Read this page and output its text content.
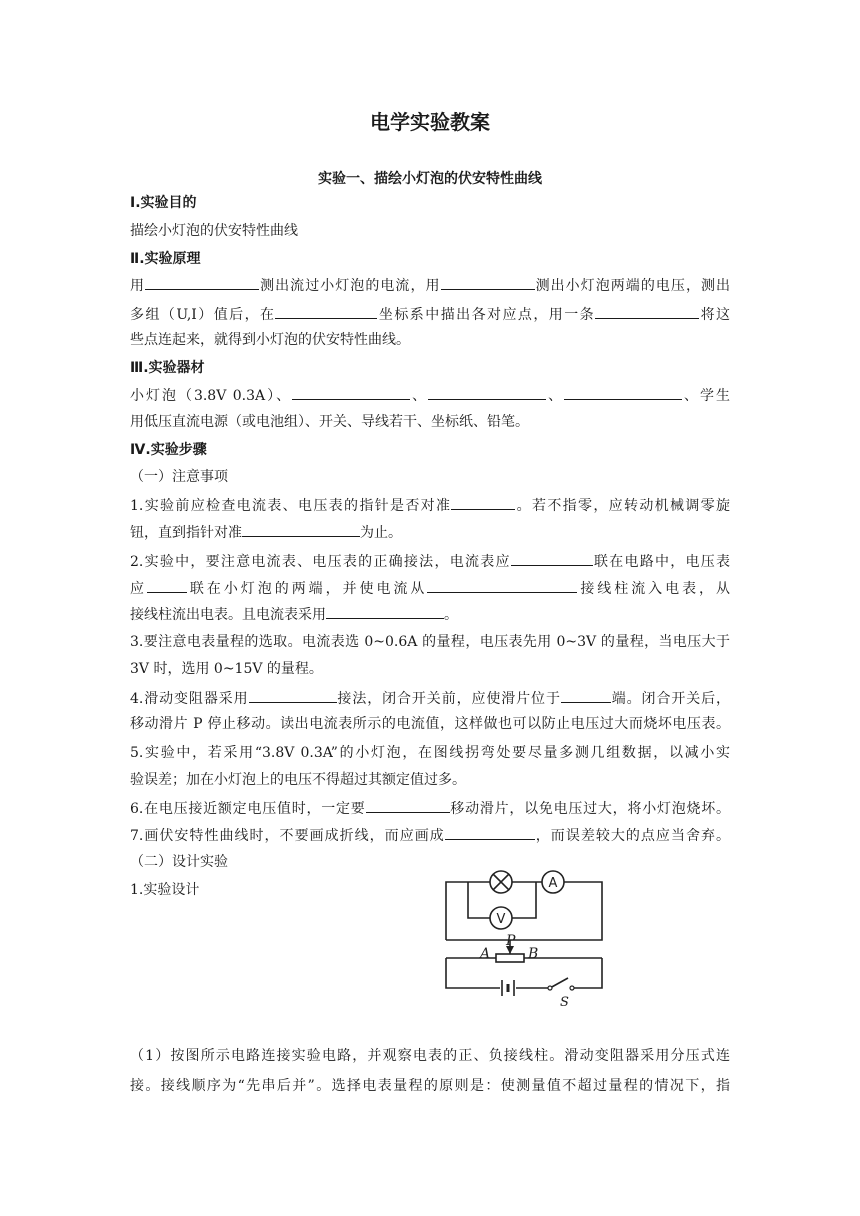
电学实验教案
实验一、描绘小灯泡的伏安特性曲线
Ⅰ.实验目的
描绘小灯泡的伏安特性曲线
Ⅱ.实验原理
用	测出流过小灯泡的电流，用	测出小灯泡两端的电压，测出
多组（U,I）值后，在	坐标系中描出各对应点，用一条	将这
些点连起来，就得到小灯泡的伏安特性曲线。
Ⅲ.实验器材
小灯泡（3.8V 0.3A）、	、	、	、学生
用低压直流电源（或电池组）、开关、导线若干、坐标纸、铅笔。
Ⅳ.实验步骤
（一）注意事项
1.实验前应检查电流表、电压表的指针是否对准	。若不指零，应转动机械调零旋
钮，直到指针对准	为止。
2.实验中，要注意电流表、电压表的正确接法，电流表应	联在电路中，电压表
应	联在小灯泡的两端，并使电流从	接线柱流入电表，从
接线柱流出电表。且电流表采用	。
3.要注意电表量程的选取。电流表选 0~0.6A 的量程，电压表先用 0~3V 的量程，当电压大于
3V 时，选用 0~15V 的量程。
4.滑动变阻器采用	接法，闭合开关前，应使滑片位于	端。闭合开关后，
移动滑片 P 停止移动。读出电流表所示的电流值，这样做也可以防止电压过大而烧坏电压表。
5.实验中，若采用“3.8V 0.3A”的小灯泡，在图线拐弯处要尽量多测几组数据，以减小实
验误差；加在小灯泡上的电压不得超过其额定值过多。
6.在电压接近额定电压值时，一定要	移动滑片，以免电压过大，将小灯泡烧坏。
7.画伏安特性曲线时，不要画成折线，而应画成	，而误差较大的点应当舍弃。
（二）设计实验
1.实验设计	A
V
A
P
B
S
（1）按图所示电路连接实验电路，并观察电表的正、负接线柱。滑动变阻器采用分压式连
接。接线顺序为“先串后并”。选择电表量程的原则是：使测量值不超过量程的情况下，指
